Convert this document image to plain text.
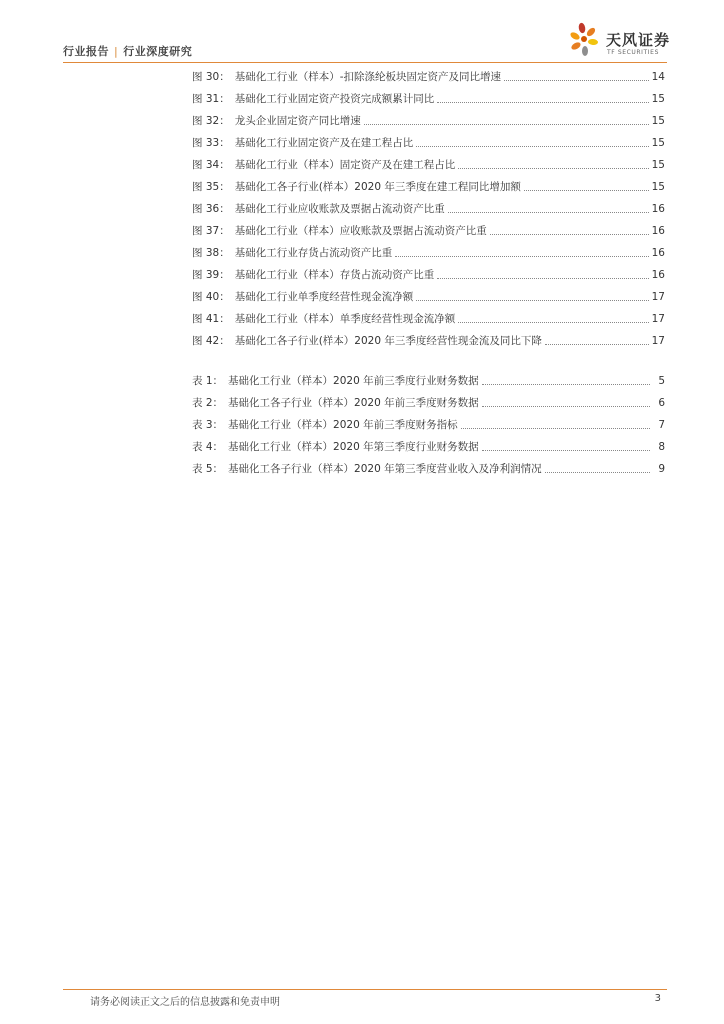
行业报告 | 行业深度研究
天风证券
TF SECURITIES
图 30： 基础化工行业（样本）-扣除涤纶板块固定资产及同比增速	14
图 31： 基础化工行业固定资产投资完成额累计同比	15
图 32： 龙头企业固定资产同比增速	15
图 33： 基础化工行业固定资产及在建工程占比	15
图 34： 基础化工行业（样本）固定资产及在建工程占比	15
图 35： 基础化工各子行业(样本）2020 年三季度在建工程同比增加额	15
图 36： 基础化工行业应收账款及票据占流动资产比重	16
图 37： 基础化工行业（样本）应收账款及票据占流动资产比重	16
图 38： 基础化工行业存货占流动资产比重	16
图 39： 基础化工行业（样本）存货占流动资产比重	16
图 40： 基础化工行业单季度经营性现金流净额	17
图 41： 基础化工行业（样本）单季度经营性现金流净额	17
图 42： 基础化工各子行业(样本）2020 年三季度经营性现金流及同比下降	17
表 1： 基础化工行业（样本）2020 年前三季度行业财务数据	5
表 2： 基础化工各子行业（样本）2020 年前三季度财务数据	6
表 3： 基础化工行业（样本）2020 年前三季度财务指标	7
表 4： 基础化工行业（样本）2020 年第三季度行业财务数据	8
表 5： 基础化工各子行业（样本）2020 年第三季度营业收入及净利润情况	9
请务必阅读正文之后的信息披露和免责申明	3
